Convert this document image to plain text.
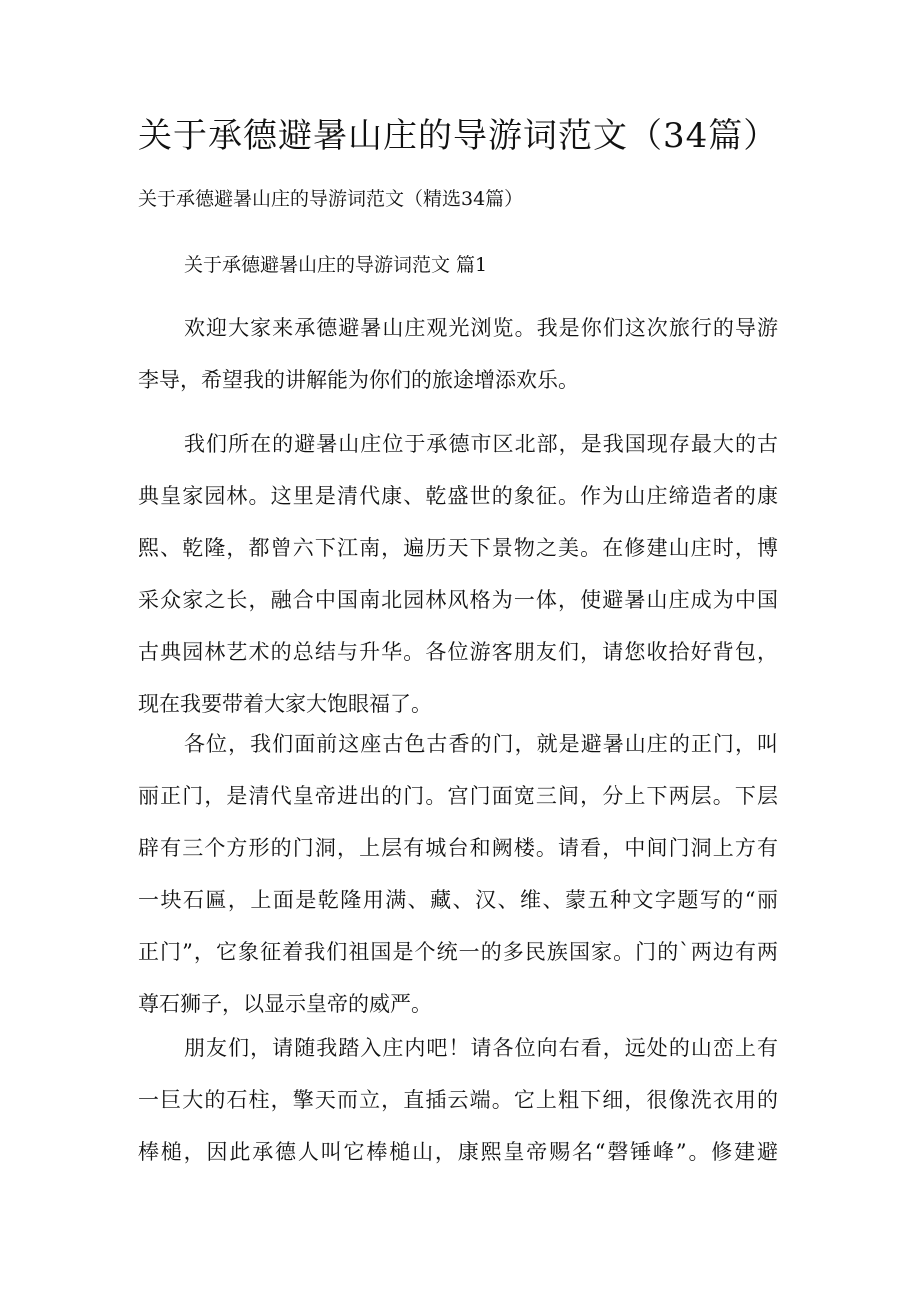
关于承德避暑山庄的导游词范文（34篇）

关于承德避暑山庄的导游词范文（精选34篇）

关于承德避暑山庄的导游词范文 篇1

欢迎大家来承德避暑山庄观光浏览。我是你们这次旅行的导游
李导，希望我的讲解能为你们的旅途增添欢乐。
我们所在的避暑山庄位于承德市区北部，是我国现存最大的古
典皇家园林。这里是清代康、乾盛世的象征。作为山庄缔造者的康
熙、乾隆，都曾六下江南，遍历天下景物之美。在修建山庄时，博
采众家之长，融合中国南北园林风格为一体，使避暑山庄成为中国
古典园林艺术的总结与升华。各位游客朋友们，请您收拾好背包，
现在我要带着大家大饱眼福了。
各位，我们面前这座古色古香的门，就是避暑山庄的正门，叫
丽正门，是清代皇帝进出的门。宫门面宽三间，分上下两层。下层
辟有三个方形的门洞，上层有城台和阙楼。请看，中间门洞上方有
一块石匾，上面是乾隆用满、藏、汉、维、蒙五种文字题写的“丽
正门”，它象征着我们祖国是个统一的多民族国家。门的`两边有两
尊石狮子，以显示皇帝的威严。
朋友们，请随我踏入庄内吧！请各位向右看，远处的山峦上有
一巨大的石柱，擎天而立，直插云端。它上粗下细，很像洗衣用的
棒槌，因此承德人叫它棒槌山，康熙皇帝赐名“磬锤峰”。修建避
